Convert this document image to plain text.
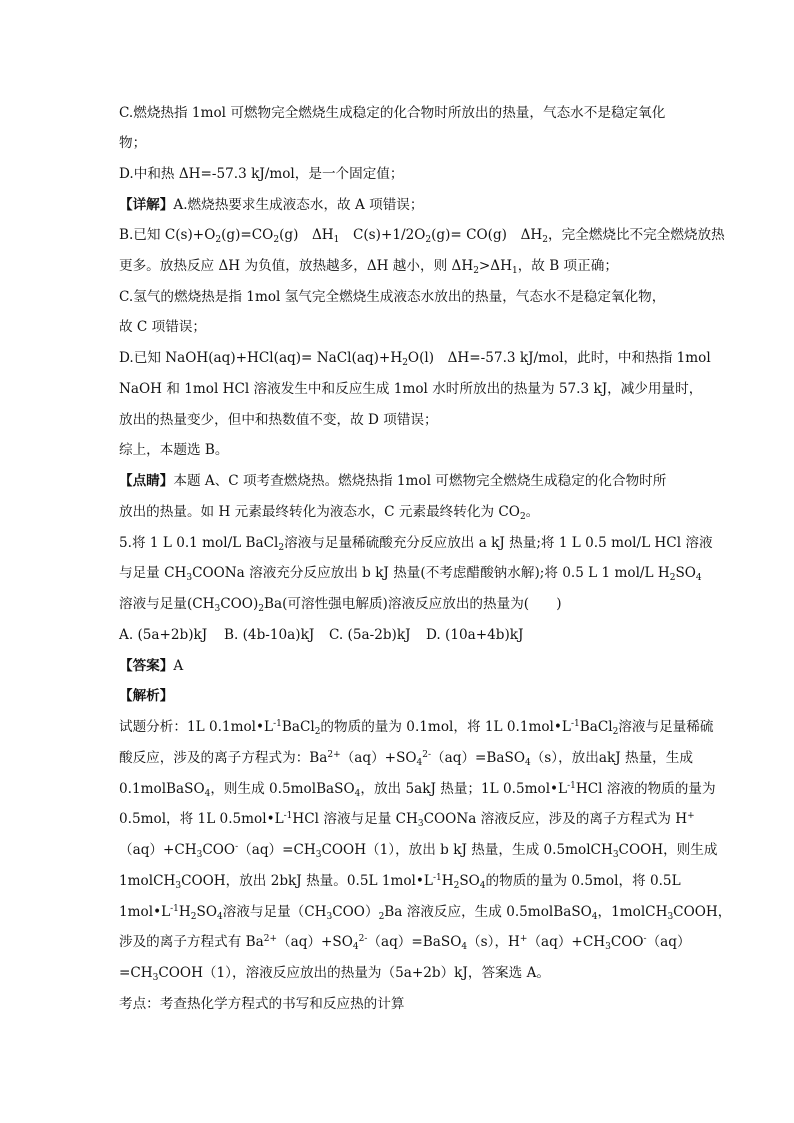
C.燃烧热指 1mol 可燃物完全燃烧生成稳定的化合物时所放出的热量，气态水不是稳定氧化
物；
D.中和热 ΔH=-57.3 kJ/mol，是一个固定值；
【详解】A.燃烧热要求生成液态水，故 A 项错误；
B.已知 $C(s)+O_2(g)=CO_2(g)$　$\Delta H_1$　$C(s)+1/2O_2(g)= CO(g)$　$\Delta H_2$，完全燃烧比不完全燃烧放热
更多。放热反应 ΔH 为负值，放热越多，ΔH 越小，则 $\Delta H_2>\Delta H_1$，故 B 项正确；
C.氢气的燃烧热是指 1mol 氢气完全燃烧生成液态水放出的热量，气态水不是稳定氧化物，
故 C 项错误；
D.已知 NaOH(aq)+HCl(aq)= $NaCl(aq)+H_2O(l)$　ΔH=-57.3 kJ/mol，此时，中和热指 1mol
NaOH 和 1mol HCl 溶液发生中和反应生成 1mol 水时所放出的热量为 57.3 kJ，减少用量时，
放出的热量变少，但中和热数值不变，故 D 项错误；
综上，本题选 B。
【点睛】本题 A、C 项考查燃烧热。燃烧热指 1mol 可燃物完全燃烧生成稳定的化合物时所
放出的热量。如 H 元素最终转化为液态水，C 元素最终转化为 $CO_2$。
5.将 1 L 0.1 mol/L BaCl$_2$溶液与足量稀硫酸充分反应放出 a kJ 热量;将 1 L 0.5 mol/L HCl 溶液
与足量 $CH_3COONa$ 溶液充分反应放出 b kJ 热量(不考虑醋酸钠水解);将 0.5 L 1 mol/L $H_2SO_4$
溶液与足量$(CH_3COO)_2Ba$(可溶性强电解质)溶液反应放出的热量为(　　)
A. (5a+2b)kJ B. (4b-10a)kJ C. (5a-2b)kJ D. (10a+4b)kJ
【答案】A
【解析】
试题分析：1L $0.1mol•L^{-1}BaCl_2$的物质的量为 0.1mol，将 1L $0.1mol•L^{-1}BaCl_2$溶液与足量稀硫
酸反应，涉及的离子方程式为：$Ba^{2+}(aq)+SO_4^{2-}(aq)=BaSO_4(s)$，放出akJ 热量，生成
0.1molBaSO$_4$，则生成 0.5molBaSO$_4$，放出 5akJ 热量；1L $0.5mol•L^{-1}HCl$ 溶液的物质的量为
0.5mol，将 1L $0.5mol•L^{-1}HCl$ 溶液与足量 $CH_3COONa$ 溶液反应，涉及的离子方程式为 H+
$(aq)+CH_3COO^-(aq)=CH_3COOH(1)$，放出 b kJ 热量，生成 0.5molCH$_3$COOH，则生成
1molCH$_3$COOH，放出 2bkJ 热量。0.5L $1mol•L^{-1}H_2SO_4$的物质的量为 0.5mol，将 0.5L
$1mol•L^{-1}H_2SO_4$溶液与足量$(CH_3COO)_2Ba$ 溶液反应，生成 0.5molBaSO$_4$，1molCH$_3$COOH，
涉及的离子方程式有 $Ba^{2+}(aq)+SO_4^{2-}(aq)=BaSO_4(s)$，$H^+(aq)+CH_3COO^-(aq)$
$=CH_3COOH(1)$，溶液反应放出的热量为（5a+2b）kJ，答案选 A。
考点：考查热化学方程式的书写和反应热的计算
